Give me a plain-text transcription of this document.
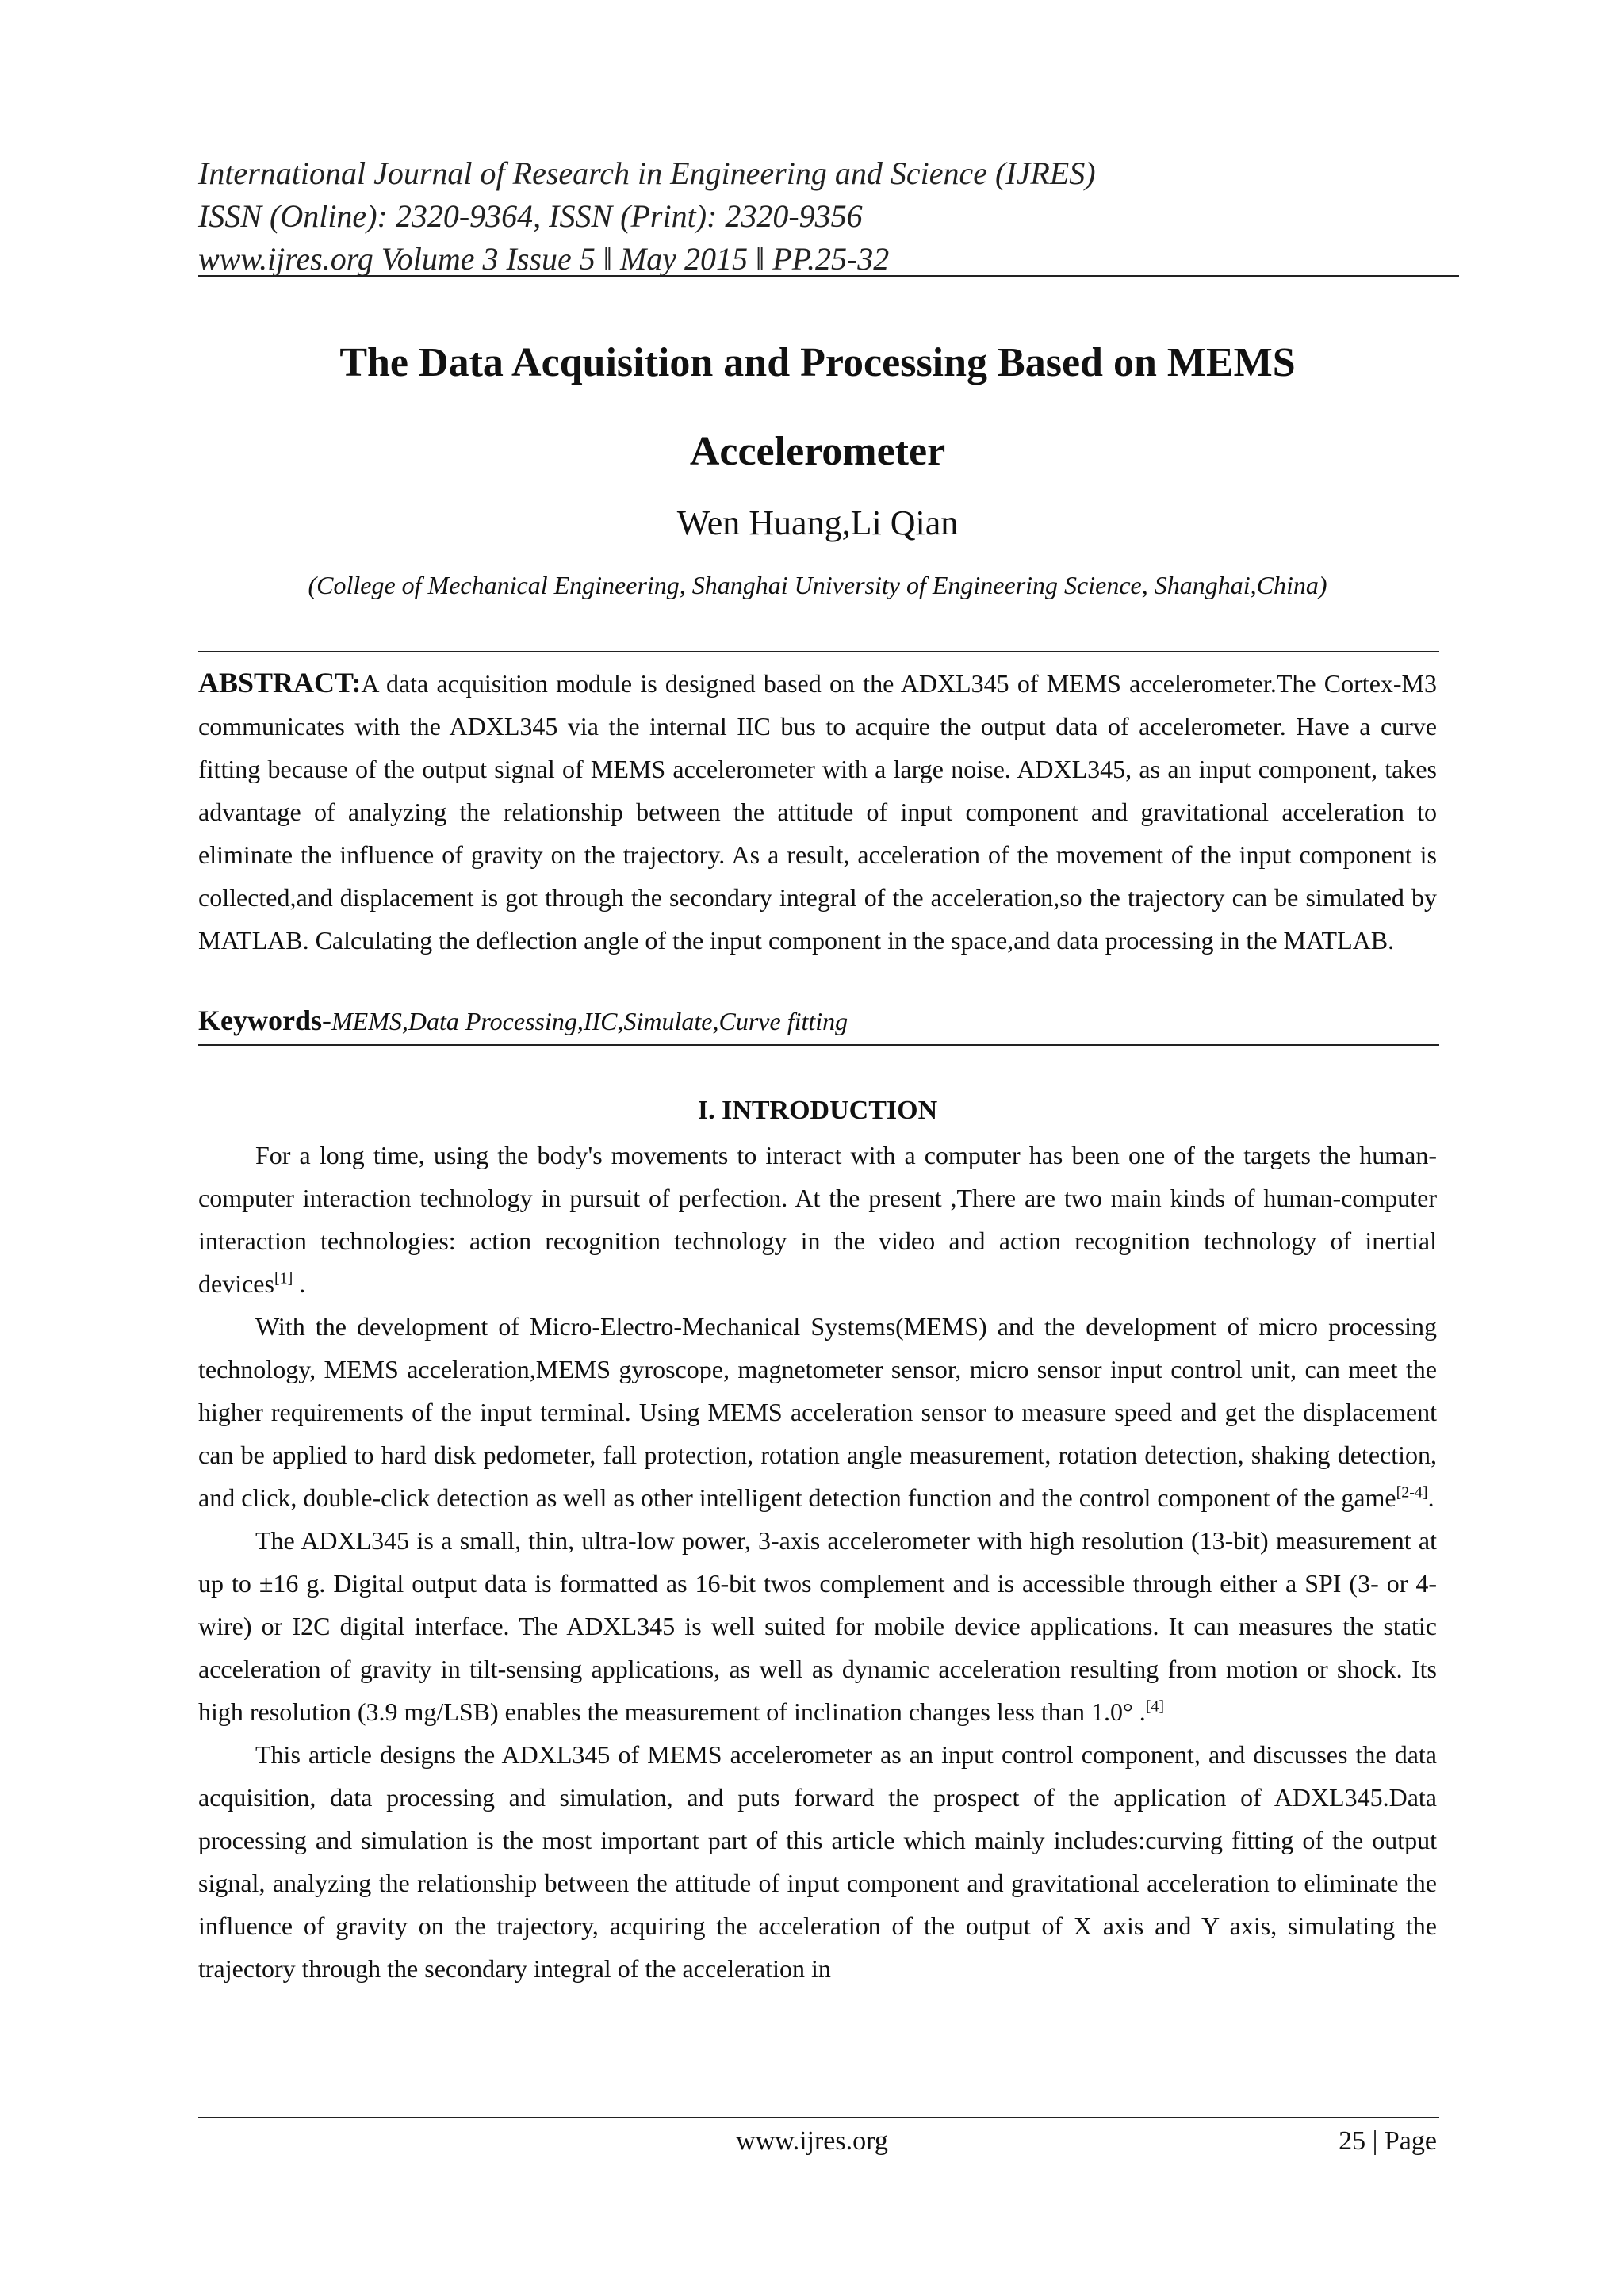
International Journal of Research in Engineering and Science (IJRES)
ISSN (Online): 2320-9364, ISSN (Print): 2320-9356
www.ijres.org Volume 3 Issue 5 ǁ May 2015 ǁ PP.25-32
The Data Acquisition and Processing Based on MEMS
Accelerometer
Wen Huang,Li Qian
(College of Mechanical Engineering, Shanghai University of Engineering Science, Shanghai,China)
ABSTRACT:A data acquisition module is designed based on the ADXL345 of MEMS accelerometer.The Cortex-M3 communicates with the ADXL345 via the internal IIC bus to acquire the output data of accelerometer. Have a curve fitting because of the output signal of MEMS accelerometer with a large noise. ADXL345, as an input component, takes advantage of analyzing the relationship between the attitude of input component and gravitational acceleration to eliminate the influence of gravity on the trajectory. As a result, acceleration of the movement of the input component is collected,and displacement is got through the secondary integral of the acceleration,so the trajectory can be simulated by MATLAB. Calculating the deflection angle of the input component in the space,and data processing in the MATLAB.
Keywords-MEMS,Data Processing,IIC,Simulate,Curve fitting
I. INTRODUCTION

For a long time, using the body's movements to interact with a computer has been one of the targets the human-computer interaction technology in pursuit of perfection. At the present ,There are two main kinds of human-computer interaction technologies: action recognition technology in the video and action recognition technology of inertial devices[1] .

With the development of Micro-Electro-Mechanical Systems(MEMS) and the development of micro processing technology, MEMS acceleration,MEMS gyroscope, magnetometer sensor, micro sensor input control unit, can meet the higher requirements of the input terminal. Using MEMS acceleration sensor to measure speed and get the displacement can be applied to hard disk pedometer, fall protection, rotation angle measurement, rotation detection, shaking detection, and click, double-click detection as well as other intelligent detection function and the control component of the game[2-4].

The ADXL345 is a small, thin, ultra-low power, 3-axis accelerometer with high resolution (13-bit) measurement at up to ±16 g. Digital output data is formatted as 16-bit twos complement and is accessible through either a SPI (3- or 4-wire) or I2C digital interface. The ADXL345 is well suited for mobile device applications. It can measures the static acceleration of gravity in tilt-sensing applications, as well as dynamic acceleration resulting from motion or shock. Its high resolution (3.9 mg/LSB) enables the measurement of inclination changes less than 1.0° .[4]

This article designs the ADXL345 of MEMS accelerometer as an input control component, and discusses the data acquisition, data processing and simulation, and puts forward the prospect of the application of ADXL345.Data processing and simulation is the most important part of this article which mainly includes:curving fitting of the output signal, analyzing the relationship between the attitude of input component and gravitational acceleration to eliminate the influence of gravity on the trajectory, acquiring the acceleration of the output of X axis and Y axis, simulating the trajectory through the secondary integral of the acceleration in

www.ijres.org	25 | Page
